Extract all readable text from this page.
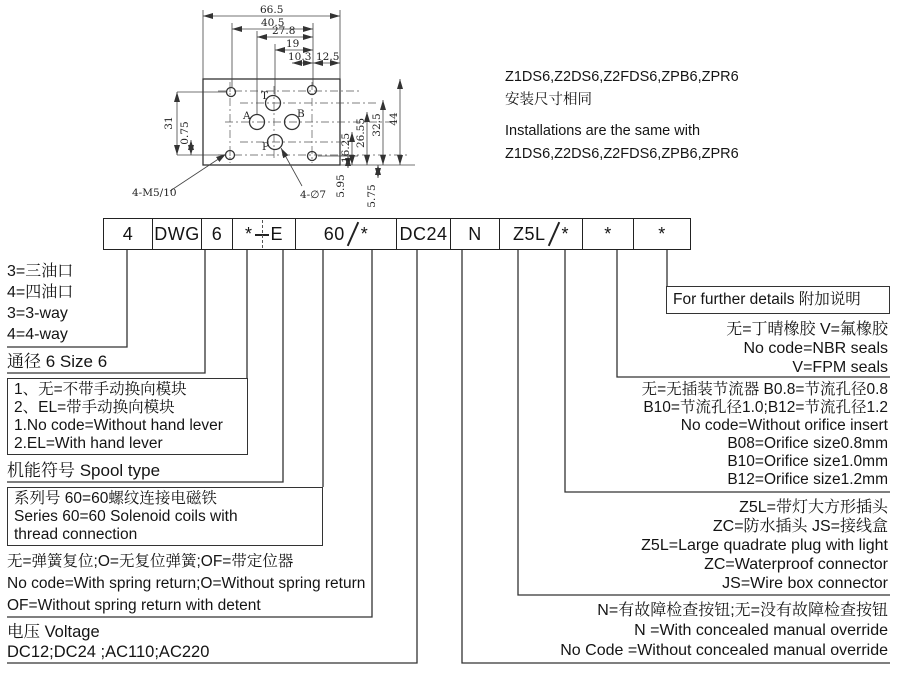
T
A	B
P
66.5
40.5
27.8
19
10.3 12.5
31 0.75	16.25 26.55 32.5 44
5.95 5.75
4-M5/10	4-∅7
Z1DS6,Z2DS6,Z2FDS6,ZPB6,ZPR6
安装尺寸相同
Installations are the same with
Z1DS6,Z2DS6,Z2FDS6,ZPB6,ZPR6
4 DWG 6 * E 60 * DC24 N Z5L * *	*
3=三油口
4=四油口
3=3-way
4=4-way
通径 6 Size 6
1、无=不带手动换向模块
2、EL=带手动换向模块
1.No code=Without hand lever
2.EL=With hand lever
机能符号 Spool type
系列号 60=60螺纹连接电磁铁
Series 60=60 Solenoid coils with
thread connection
无=弹簧复位;O=无复位弹簧;OF=带定位器
No code=With spring return;O=Without spring return
OF=Without spring return with detent
电压 Voltage
DC12;DC24 ;AC110;AC220
For further details 附加说明
无=丁晴橡胶 V=氟橡胶
No code=NBR seals
V=FPM seals
无=无插装节流器 B0.8=节流孔径0.8
B10=节流孔径1.0;B12=节流孔径1.2
No code=Without orifice insert
B08=Orifice size0.8mm
B10=Orifice size1.0mm
B12=Orifice size1.2mm
Z5L=带灯大方形插头
ZC=防水插头 JS=接线盒
Z5L=Large quadrate plug with light
ZC=Waterproof connector
JS=Wire box connector
N=有故障检查按钮;无=没有故障检查按钮
N =With concealed manual override
No Code =Without concealed manual override
